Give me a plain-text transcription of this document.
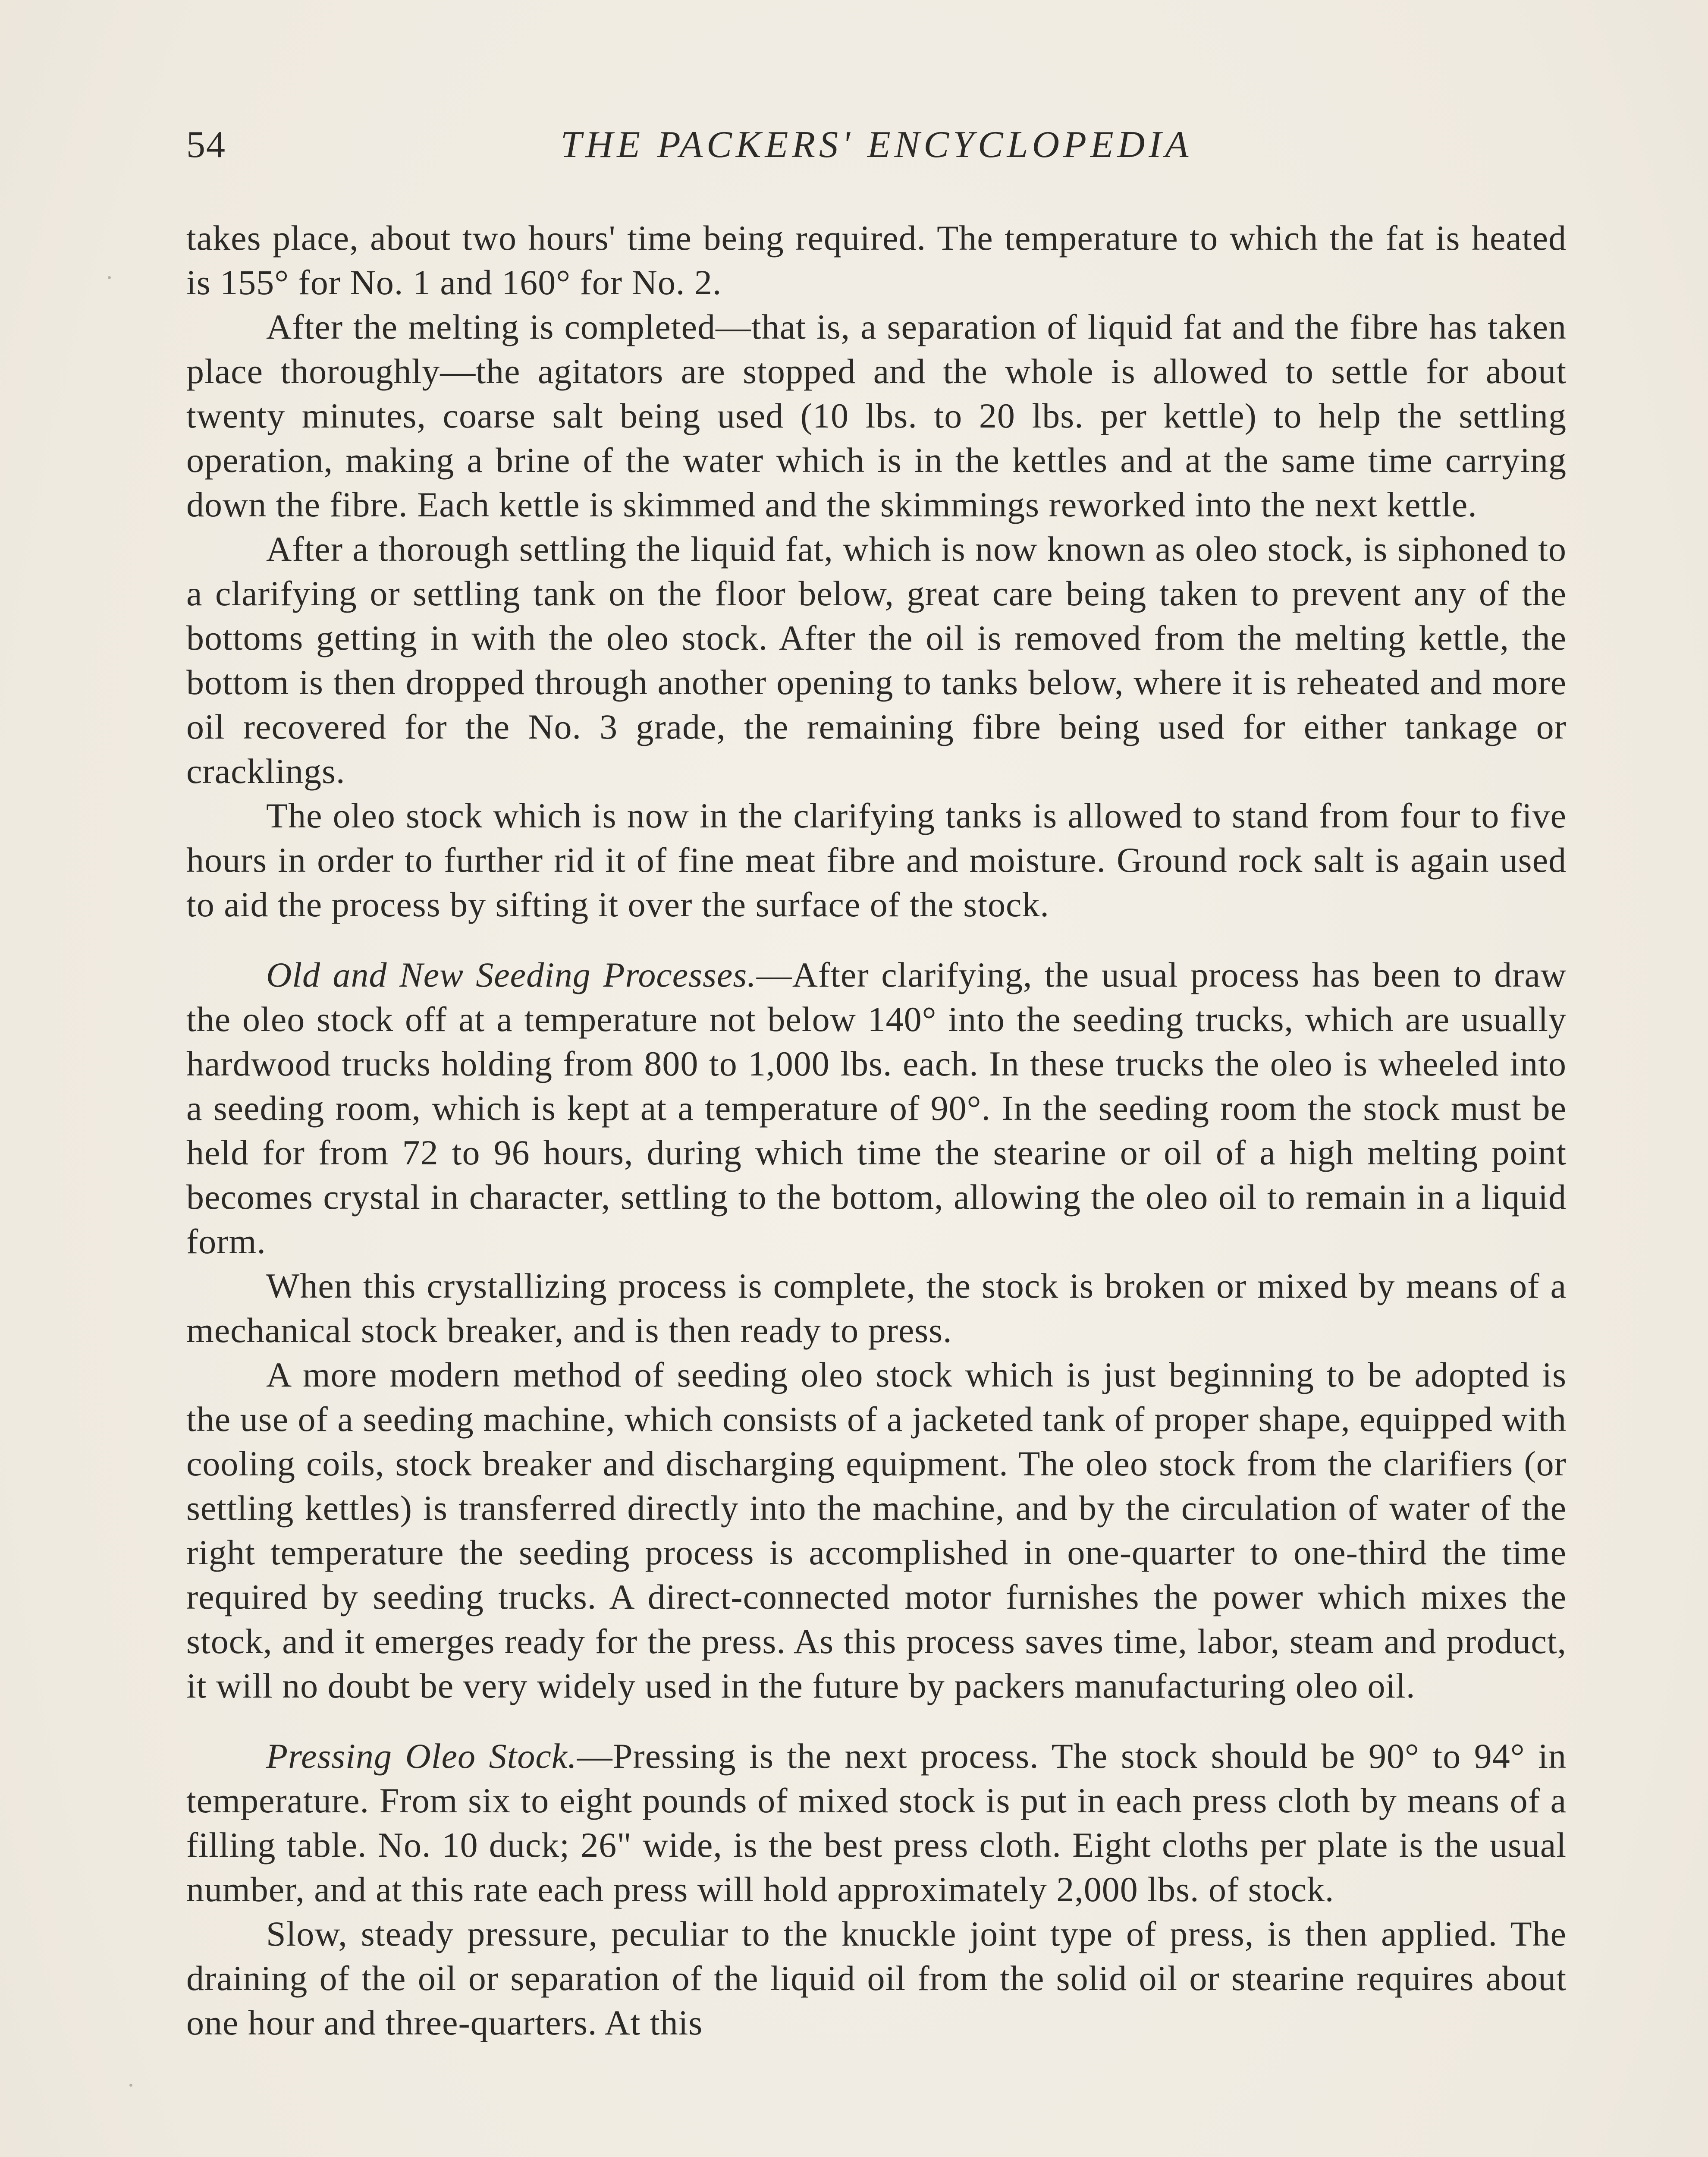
54	THE PACKERS' ENCYCLOPEDIA

takes place, about two hours' time being required. The temperature to which the fat is heated is 155° for No. 1 and 160° for No. 2.

After the melting is completed—that is, a separation of liquid fat and the fibre has taken place thoroughly—the agitators are stopped and the whole is allowed to settle for about twenty minutes, coarse salt being used (10 lbs. to 20 lbs. per kettle) to help the settling operation, making a brine of the water which is in the kettles and at the same time carrying down the fibre. Each kettle is skimmed and the skimmings reworked into the next kettle.

After a thorough settling the liquid fat, which is now known as oleo stock, is siphoned to a clarifying or settling tank on the floor below, great care being taken to prevent any of the bottoms getting in with the oleo stock. After the oil is removed from the melting kettle, the bottom is then dropped through another opening to tanks below, where it is reheated and more oil recovered for the No. 3 grade, the remaining fibre being used for either tankage or cracklings.

The oleo stock which is now in the clarifying tanks is allowed to stand from four to five hours in order to further rid it of fine meat fibre and moisture. Ground rock salt is again used to aid the process by sifting it over the surface of the stock.

Old and New Seeding Processes.—After clarifying, the usual process has been to draw the oleo stock off at a temperature not below 140° into the seeding trucks, which are usually hardwood trucks holding from 800 to 1,000 lbs. each. In these trucks the oleo is wheeled into a seeding room, which is kept at a temperature of 90°. In the seeding room the stock must be held for from 72 to 96 hours, during which time the stearine or oil of a high melting point becomes crystal in character, settling to the bottom, allowing the oleo oil to remain in a liquid form.

When this crystallizing process is complete, the stock is broken or mixed by means of a mechanical stock breaker, and is then ready to press.

A more modern method of seeding oleo stock which is just beginning to be adopted is the use of a seeding machine, which consists of a jacketed tank of proper shape, equipped with cooling coils, stock breaker and discharging equipment. The oleo stock from the clarifiers (or settling kettles) is transferred directly into the machine, and by the circulation of water of the right temperature the seeding process is accomplished in one-quarter to one-third the time required by seeding trucks. A direct-connected motor furnishes the power which mixes the stock, and it emerges ready for the press. As this process saves time, labor, steam and product, it will no doubt be very widely used in the future by packers manufacturing oleo oil.

Pressing Oleo Stock.—Pressing is the next process. The stock should be 90° to 94° in temperature. From six to eight pounds of mixed stock is put in each press cloth by means of a filling table. No. 10 duck; 26" wide, is the best press cloth. Eight cloths per plate is the usual number, and at this rate each press will hold approximately 2,000 lbs. of stock.

Slow, steady pressure, peculiar to the knuckle joint type of press, is then applied. The draining of the oil or separation of the liquid oil from the solid oil or stearine requires about one hour and three-quarters. At this
